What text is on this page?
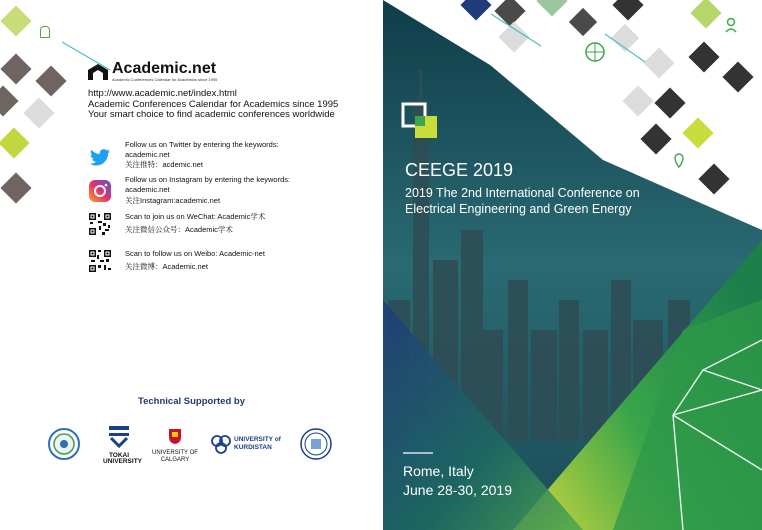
Academic.net
Academic Conferences Calendar for Academics since 1995
http://www.academic.net/index.html
Academic Conferences Calendar for Academics since 1995
Your smart choice to find academic conferences worldwide
Follow us on Twitter by entering the keywords:
academic.net
关注推特：acdemic.net
Follow us on Instagram by entering the keywords:
academic.net
关注Instagram:academic.net
Scan to join us on WeChat: Academic学术
关注微信公众号：Academic学术
Scan to follow us on Weibo: Academic-net
关注微博：Academic.net
Technical Supported by
TOKAI
UNIVERSITY
UNIVERSITY OF
CALGARY
UNIVERSITY of
KURDISTAN
CEEGE 2019
2019 The 2nd International Conference on
Electrical Engineering and Green Energy
Rome, Italy
June 28-30, 2019
